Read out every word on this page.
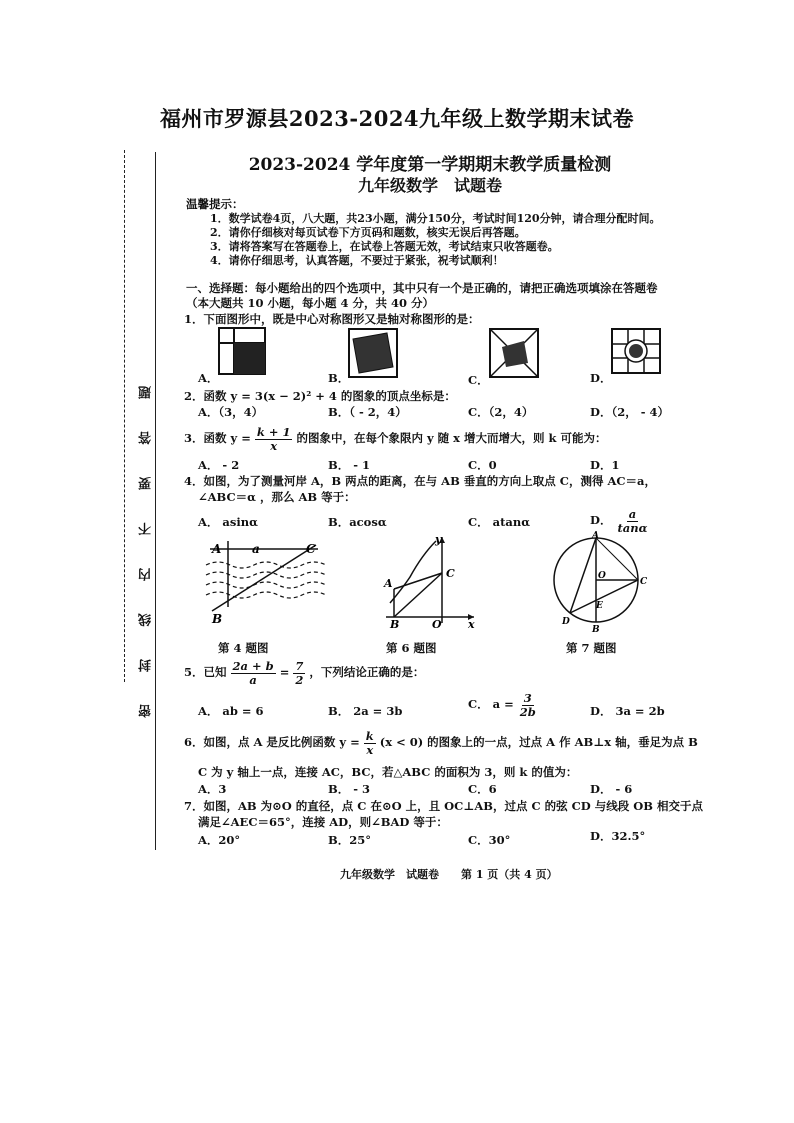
福州市罗源县2023-2024九年级上数学期末试卷
密 封 线 内 不 要 答 题
2023-2024 学年度第一学期期末教学质量检测
九年级数学　试题卷
温馨提示：
1．数学试卷4页，八大题，共23小题，满分150分，考试时间120分钟，请合理分配时间。
2．请你仔细核对每页试卷下方页码和题数，核实无误后再答题。
3．请将答案写在答题卷上，在试卷上答题无效，考试结束只收答题卷。
4．请你仔细思考，认真答题，不要过于紧张，祝考试顺利！
一、选择题：每小题给出的四个选项中，其中只有一个是正确的，请把正确选项填涂在答题卷
（本大题共 10 小题，每小题 4 分，共 40 分）
1．下面图形中，既是中心对称图形又是轴对称图形的是：
A．	B．	C．	D．
2．函数 y = 3(x − 2)² + 4 的图象的顶点坐标是：
A．（3，4）	B．（ - 2，4）	C．（2，4）	D．（2， - 4）
3．函数 $y = \frac{k + 1}{x}$ 的图象中，在每个象限内 y 随 x 增大而增大，则 k 可能为：
A． - 2	B． - 1	C．0	D．1
4．如图，为了测量河岸 A，B 两点的距离，在与 AB 垂直的方向上取点 C，测得 AC＝a，
∠ABC＝α ，那么 AB 等于：
A． asinα	B．acosα	C． atanα	D． $\frac{a}{\tan\alpha}$
A	a	C
B
第 4 题图
y
A
C
B	O x
第 6 题图
A
O
C
E
D
B
第 7 题图
5．已知 $\frac{2a + b}{a} = \frac{7}{2}$ ，下列结论正确的是：
A． ab = 6	B． 2a = 3b	C． $a = \frac{3}{2b}$	D． 3a = 2b
6．如图，点 A 是反比例函数 $y = \frac{k}{x} (x < 0)$ 的图象上的一点，过点 A 作 AB⊥x 轴，垂足为点 B
C 为 y 轴上一点，连接 AC，BC，若△ABC 的面积为 3，则 k 的值为：
A．3	B． - 3	C．6	D． - 6
7．如图，AB 为⊙O 的直径，点 C 在⊙O 上，且 OC⊥AB，过点 C 的弦 CD 与线段 OB 相交于点
满足∠AEC＝65°，连接 AD，则∠BAD 等于：
A．20°	B．25°	C．30°	D．32.5°
九年级数学　试题卷　　第 1 页（共 4 页）
